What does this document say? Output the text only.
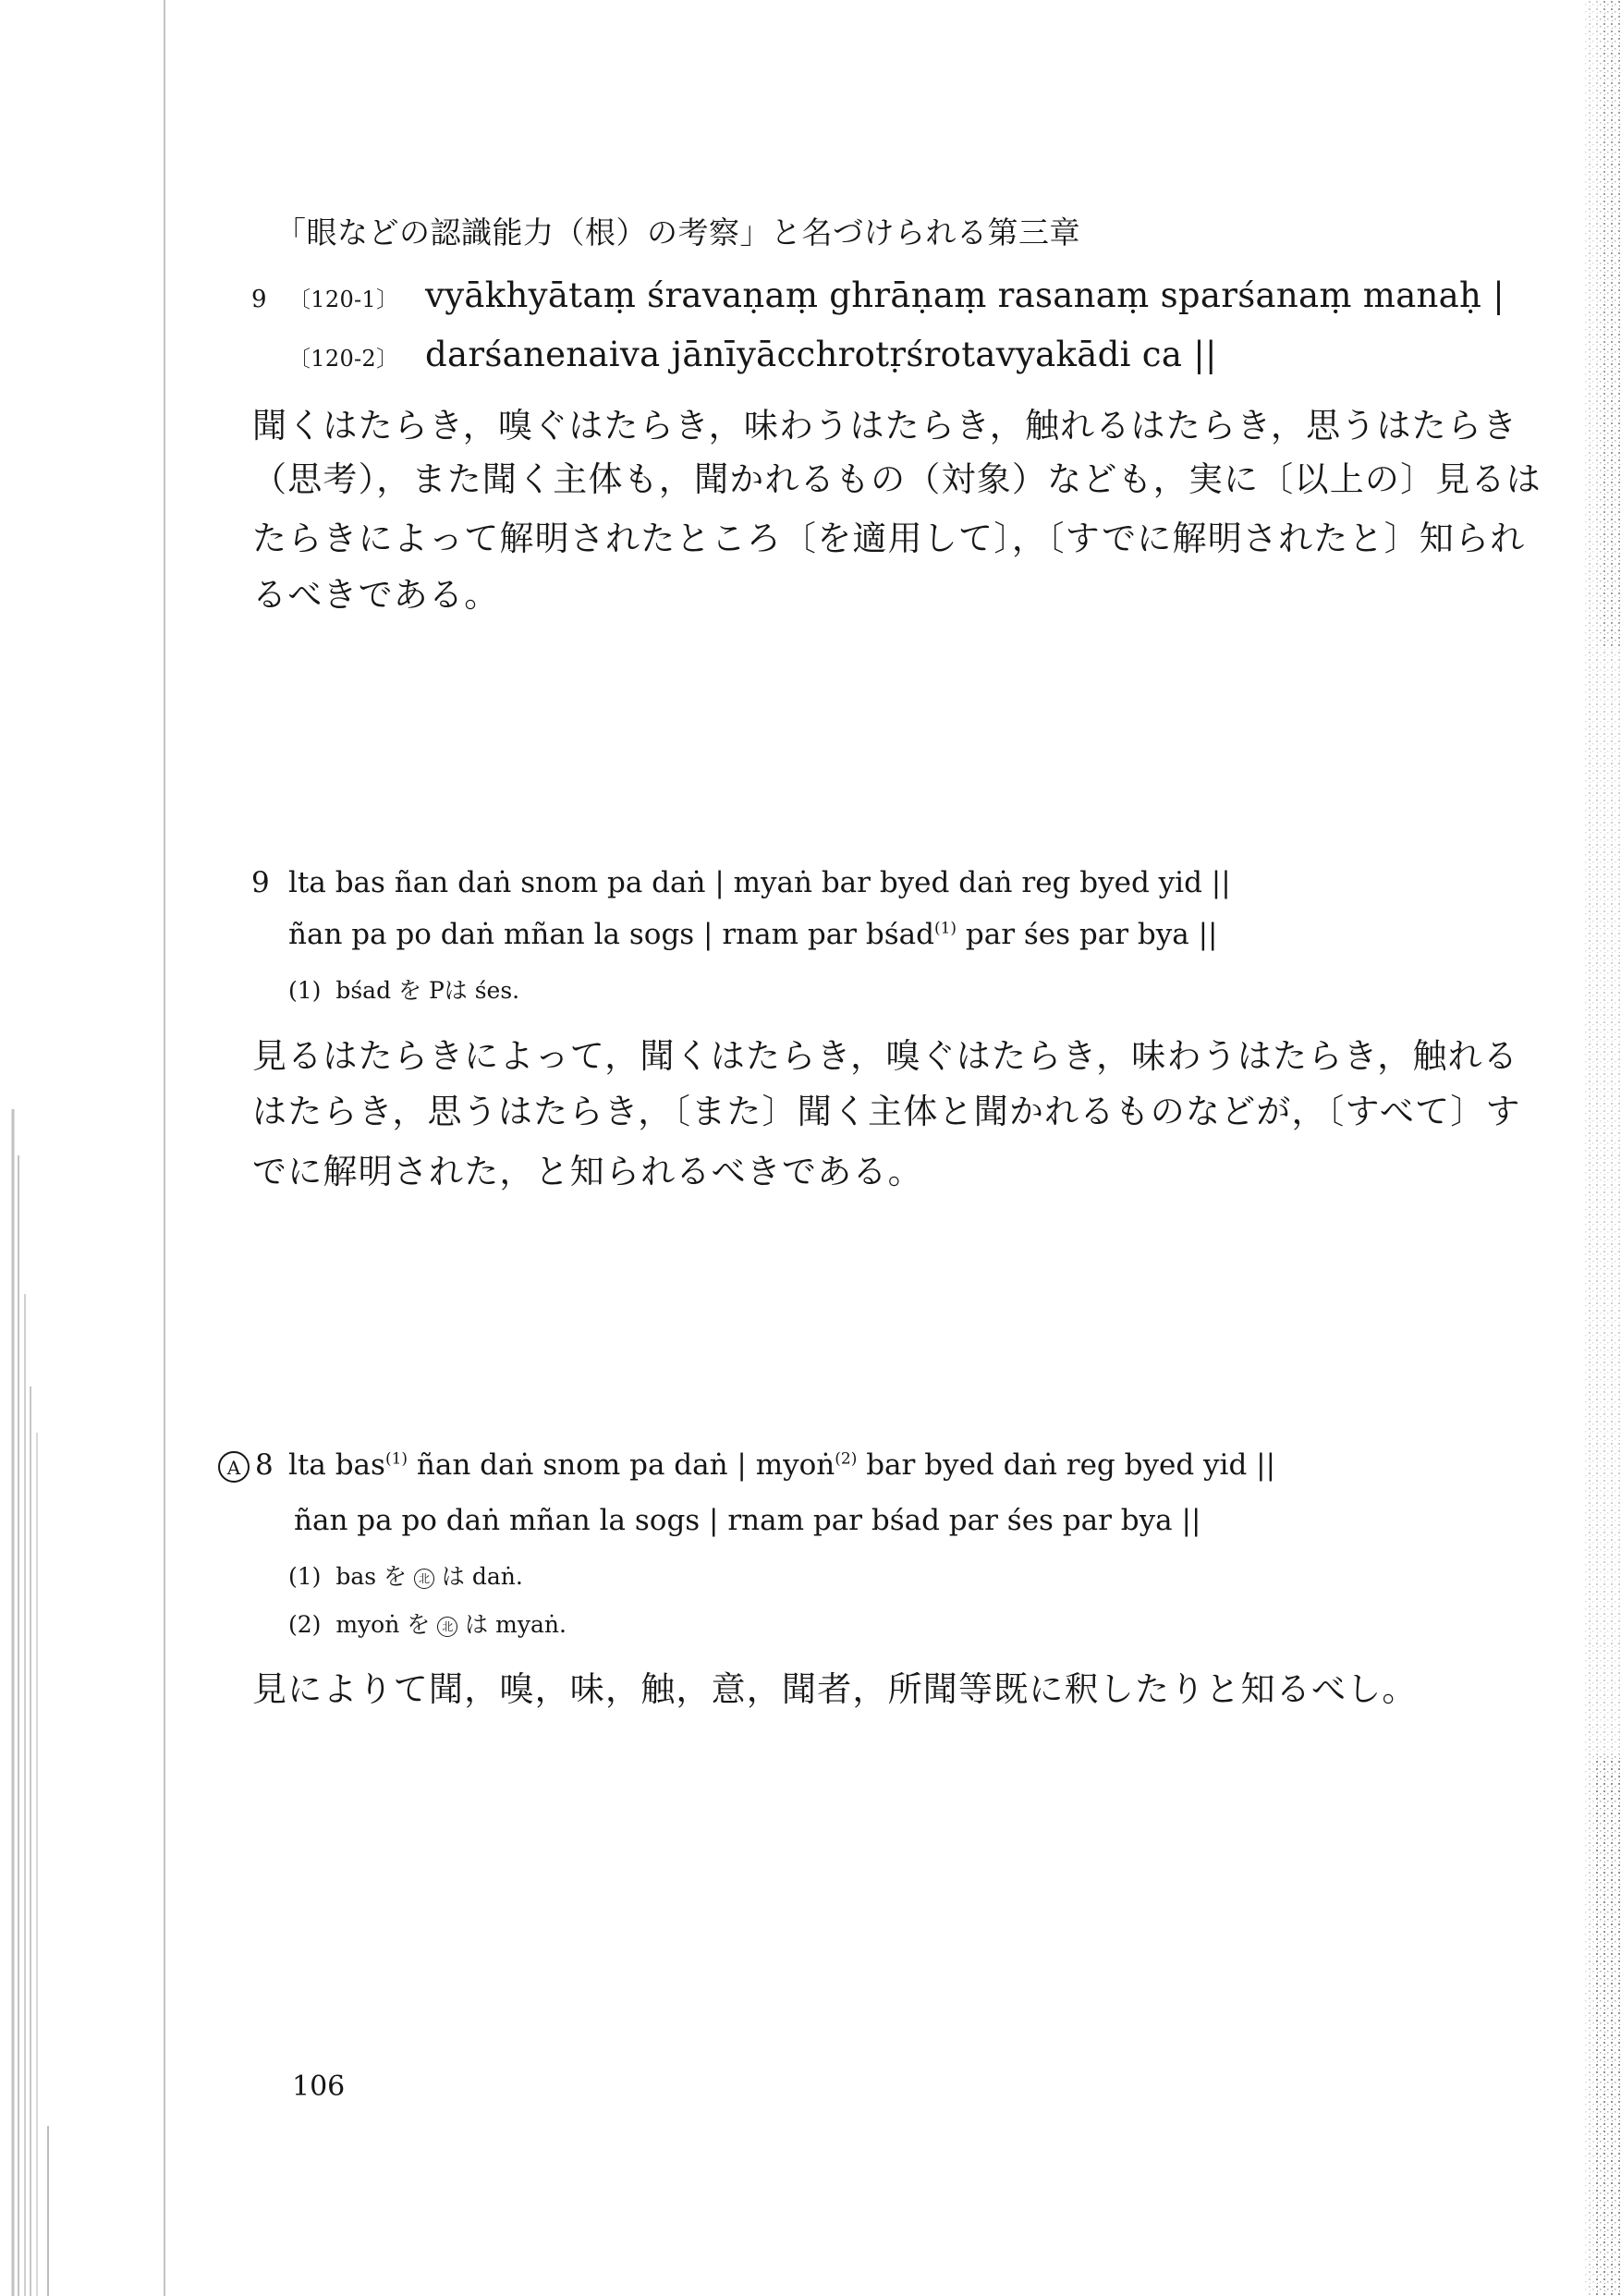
「眼などの認識能力（根）の考察」と名づけられる第三章
9 〔120-1〕 vyākhyātaṃ śravaṇaṃ ghrāṇaṃ rasanaṃ sparśanaṃ manaḥ |
〔120-2〕 darśanenaiva jānīyācchrotṛśrotavyakādi ca ||
聞くはたらき，嗅ぐはたらき，味わうはたらき，触れるはたらき，思うはたらき
（思考），また聞く主体も，聞かれるもの（対象）なども，実に〔以上の〕見るは
たらきによって解明されたところ〔を適用して〕，〔すでに解明されたと〕知られ
るべきである。
9 lta bas ñan daṅ snom pa daṅ | myaṅ bar byed daṅ reg byed yid ||
ñan pa po daṅ mñan la sogs | rnam par bśad$^{(1)}$ par śes par bya ||
(1) bśad を Pは śes.
見るはたらきによって，聞くはたらき，嗅ぐはたらき，味わうはたらき，触れる
はたらき，思うはたらき，〔また〕聞く主体と聞かれるものなどが，〔すべて〕す
でに解明された，と知られるべきである。
A 8 lta bas$^{(1)}$ ñan daṅ snom pa daṅ | myoṅ$^{(2)}$ bar byed daṅ reg byed yid ||
ñan pa po daṅ mñan la sogs | rnam par bśad par śes par bya ||
(1) bas を 北 は daṅ.
(2) myoṅ を 北 は myaṅ.
見によりて聞，嗅，味，触，意，聞者，所聞等既に釈したりと知るべし。
106
